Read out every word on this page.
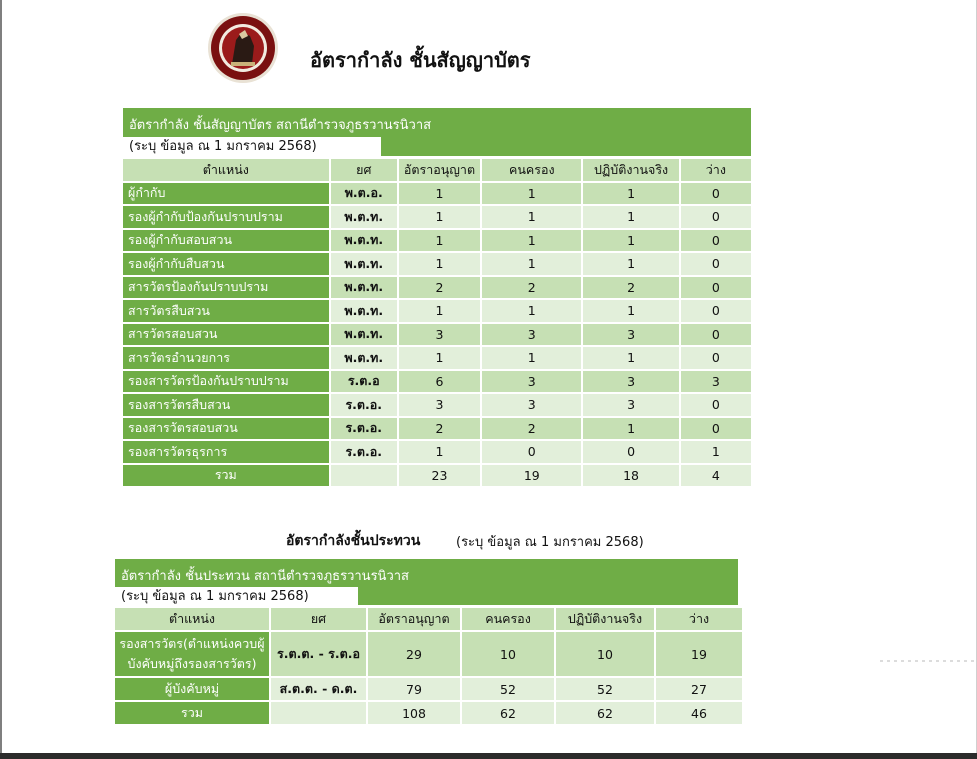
อัตรากำลัง ชั้นสัญญาบัตร
อัตรากำลัง ชั้นสัญญาบัตร สถานีตำรวจภูธรวานรนิวาส
(ระบุ ข้อมูล ณ 1 มกราคม 2568)
ตำแหน่ง	ยศ	อัตราอนุญาต	คนครอง	ปฏิบัติงานจริง	ว่าง
ผู้กำกับ	พ.ต.อ.	1	1	1	0
รองผู้กำกับป้องกันปราบปราม	พ.ต.ท.	1	1	1	0
รองผู้กำกับสอบสวน	พ.ต.ท.	1	1	1	0
รองผู้กำกับสืบสวน	พ.ต.ท.	1	1	1	0
สารวัตรป้องกันปราบปราม	พ.ต.ท.	2	2	2	0
สารวัตรสืบสวน	พ.ต.ท.	1	1	1	0
สารวัตรสอบสวน	พ.ต.ท.	3	3	3	0
สารวัตรอำนวยการ	พ.ต.ท.	1	1	1	0
รองสารวัตรป้องกันปราบปราม	ร.ต.อ	6	3	3	3
รองสารวัตรสืบสวน	ร.ต.อ.	3	3	3	0
รองสารวัตรสอบสวน	ร.ต.อ.	2	2	1	0
รองสารวัตรธุรการ	ร.ต.อ.	1	0	0	1
รวม		23	19	18	4
อัตรากำลังชั้นประทวน	(ระบุ ข้อมูล ณ 1 มกราคม 2568)
อัตรากำลัง ชั้นประทวน สถานีตำรวจภูธรวานรนิวาส
(ระบุ ข้อมูล ณ 1 มกราคม 2568)
ตำแหน่ง	ยศ	อัตราอนุญาต	คนครอง	ปฏิบัติงานจริง	ว่าง
รองสารวัตร(ตำแหน่งควบผู้บังคับหมู่ถึงรองสารวัตร)	ร.ต.ต. - ร.ต.อ	29	10	10	19
ผู้บังคับหมู่	ส.ต.ต. - ด.ต.	79	52	52	27
รวม		108	62	62	46
